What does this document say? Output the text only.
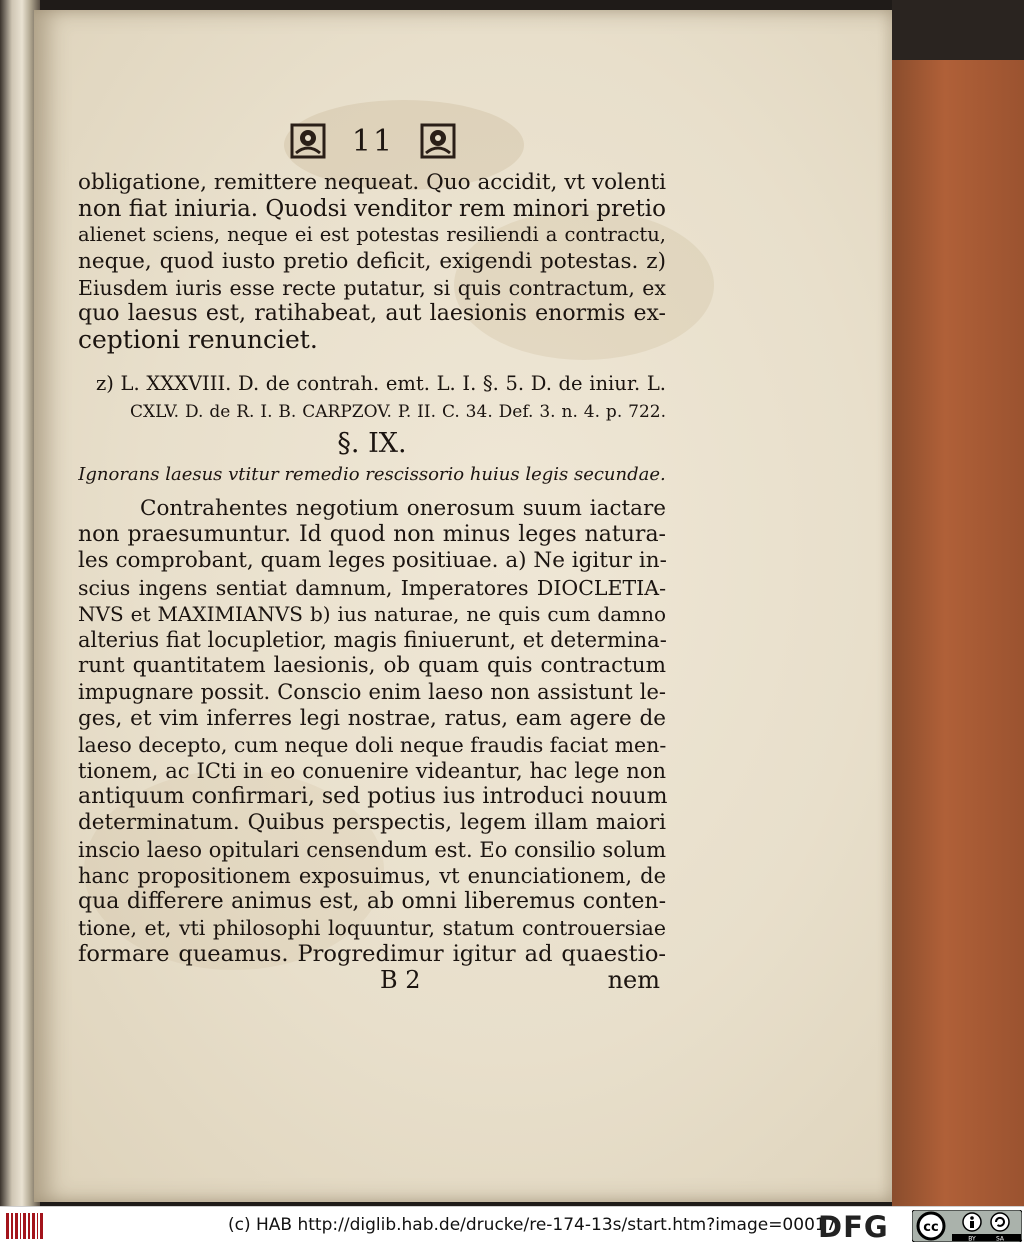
11
obligatione, remittere nequeat. Quo accidit, vt volenti
non fiat iniuria. Quodsi venditor rem minori pretio
alienet sciens, neque ei est potestas resiliendi a contractu,
neque, quod iusto pretio deficit, exigendi potestas. z)
Eiusdem iuris esse recte putatur, si quis contractum, ex
quo laesus est, ratihabeat, aut laesionis enormis ex-
ceptioni renunciet.
z) L. XXXVIII. D. de contrah. emt. L. I. §. 5. D. de iniur. L.
CXLV. D. de R. I. B. CARPZOV. P. II. C. 34. Def. 3. n. 4. p. 722.
§. IX.
Ignorans laesus vtitur remedio rescissorio huius legis secundae.
Contrahentes negotium onerosum suum iactare
non praesumuntur. Id quod non minus leges natura-
les comprobant, quam leges positiuae. a) Ne igitur in-
scius ingens sentiat damnum, Imperatores DIOCLETIA-
NVS et MAXIMIANVS b) ius naturae, ne quis cum damno
alterius fiat locupletior, magis finiuerunt, et determina-
runt quantitatem laesionis, ob quam quis contractum
impugnare possit. Conscio enim laeso non assistunt le-
ges, et vim inferres legi nostrae, ratus, eam agere de
laeso decepto, cum neque doli neque fraudis faciat men-
tionem, ac ICti in eo conuenire videantur, hac lege non
antiquum confirmari, sed potius ius introduci nouum
determinatum. Quibus perspectis, legem illam maiori
inscio laeso opitulari censendum est. Eo consilio solum
hanc propositionem exposuimus, vt enunciationem, de
qua differere animus est, ab omni liberemus conten-
tione, et, vti philosophi loquuntur, statum controuersiae
formare queamus. Progredimur igitur ad quaestio-
B 2	nem
(c) HAB http://diglib.hab.de/drucke/re-174-13s/start.htm?image=00017
DFG	cc
BY	SA
